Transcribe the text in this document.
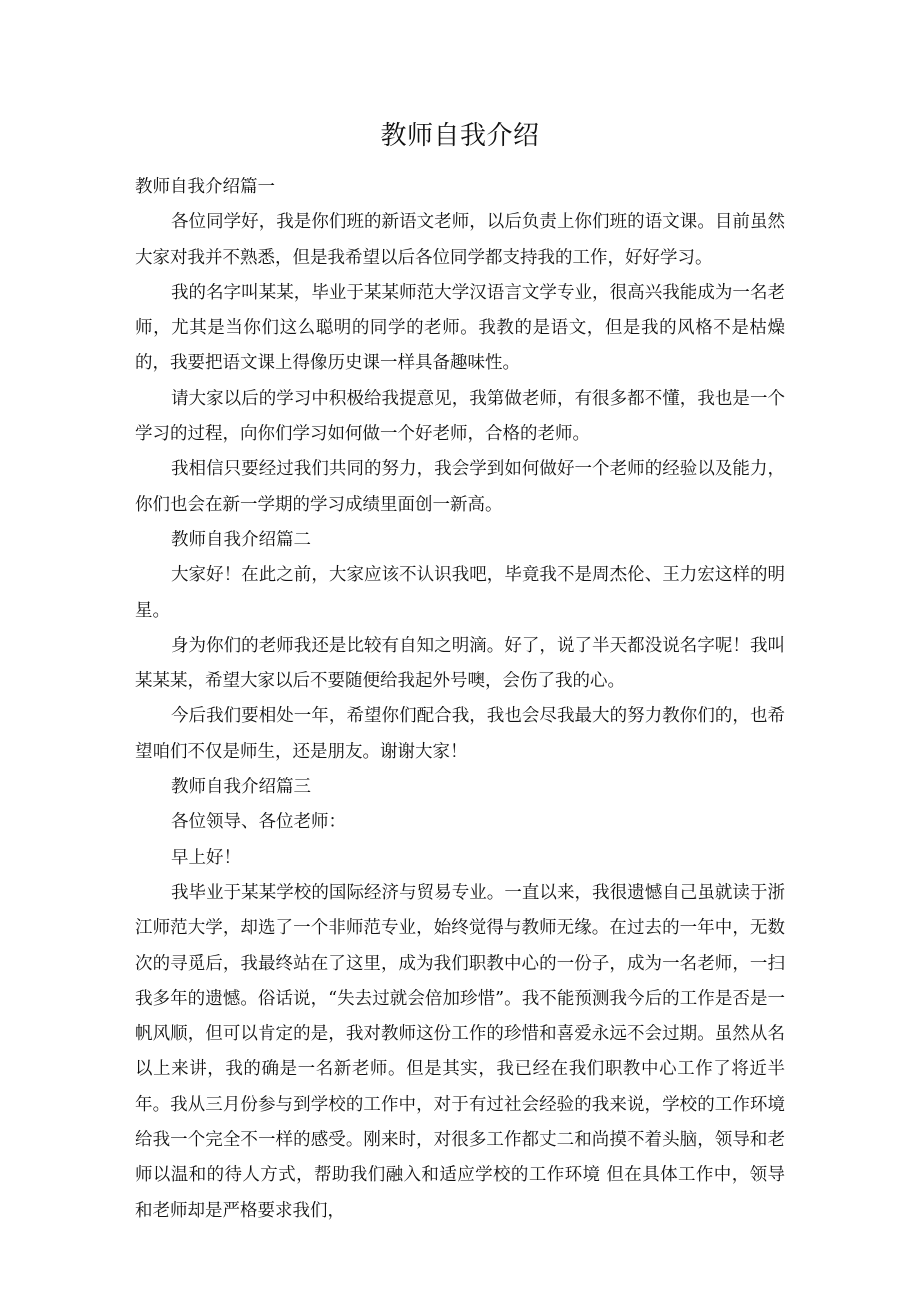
教师自我介绍

教师自我介绍篇一

各位同学好，我是你们班的新语文老师，以后负责上你们班的语文课。目前虽然大家对我并不熟悉，但是我希望以后各位同学都支持我的工作，好好学习。

我的名字叫某某，毕业于某某师范大学汉语言文学专业，很高兴我能成为一名老师，尤其是当你们这么聪明的同学的老师。我教的是语文，但是我的风格不是枯燥的，我要把语文课上得像历史课一样具备趣味性。

请大家以后的学习中积极给我提意见，我第做老师，有很多都不懂，我也是一个学习的过程，向你们学习如何做一个好老师，合格的老师。

我相信只要经过我们共同的努力，我会学到如何做好一个老师的经验以及能力，你们也会在新一学期的学习成绩里面创一新高。

教师自我介绍篇二

大家好！在此之前，大家应该不认识我吧，毕竟我不是周杰伦、王力宏这样的明星。

身为你们的老师我还是比较有自知之明滴。好了，说了半天都没说名字呢！我叫某某某，希望大家以后不要随便给我起外号噢，会伤了我的心。

今后我们要相处一年，希望你们配合我，我也会尽我最大的努力教你们的，也希望咱们不仅是师生，还是朋友。谢谢大家！

教师自我介绍篇三

各位领导、各位老师：

早上好！

我毕业于某某学校的国际经济与贸易专业。一直以来，我很遗憾自己虽就读于浙江师范大学，却选了一个非师范专业，始终觉得与教师无缘。在过去的一年中，无数次的寻觅后，我最终站在了这里，成为我们职教中心的一份子，成为一名老师，一扫我多年的遗憾。俗话说，“失去过就会倍加珍惜”。我不能预测我今后的工作是否是一帆风顺，但可以肯定的是，我对教师这份工作的珍惜和喜爱永远不会过期。虽然从名以上来讲，我的确是一名新老师。但是其实，我已经在我们职教中心工作了将近半年。我从三月份参与到学校的工作中，对于有过社会经验的我来说，学校的工作环境给我一个完全不一样的感受。刚来时，对很多工作都丈二和尚摸不着头脑，领导和老师以温和的待人方式，帮助我们融入和适应学校的工作环境 但在具体工作中，领导和老师却是严格要求我们，
